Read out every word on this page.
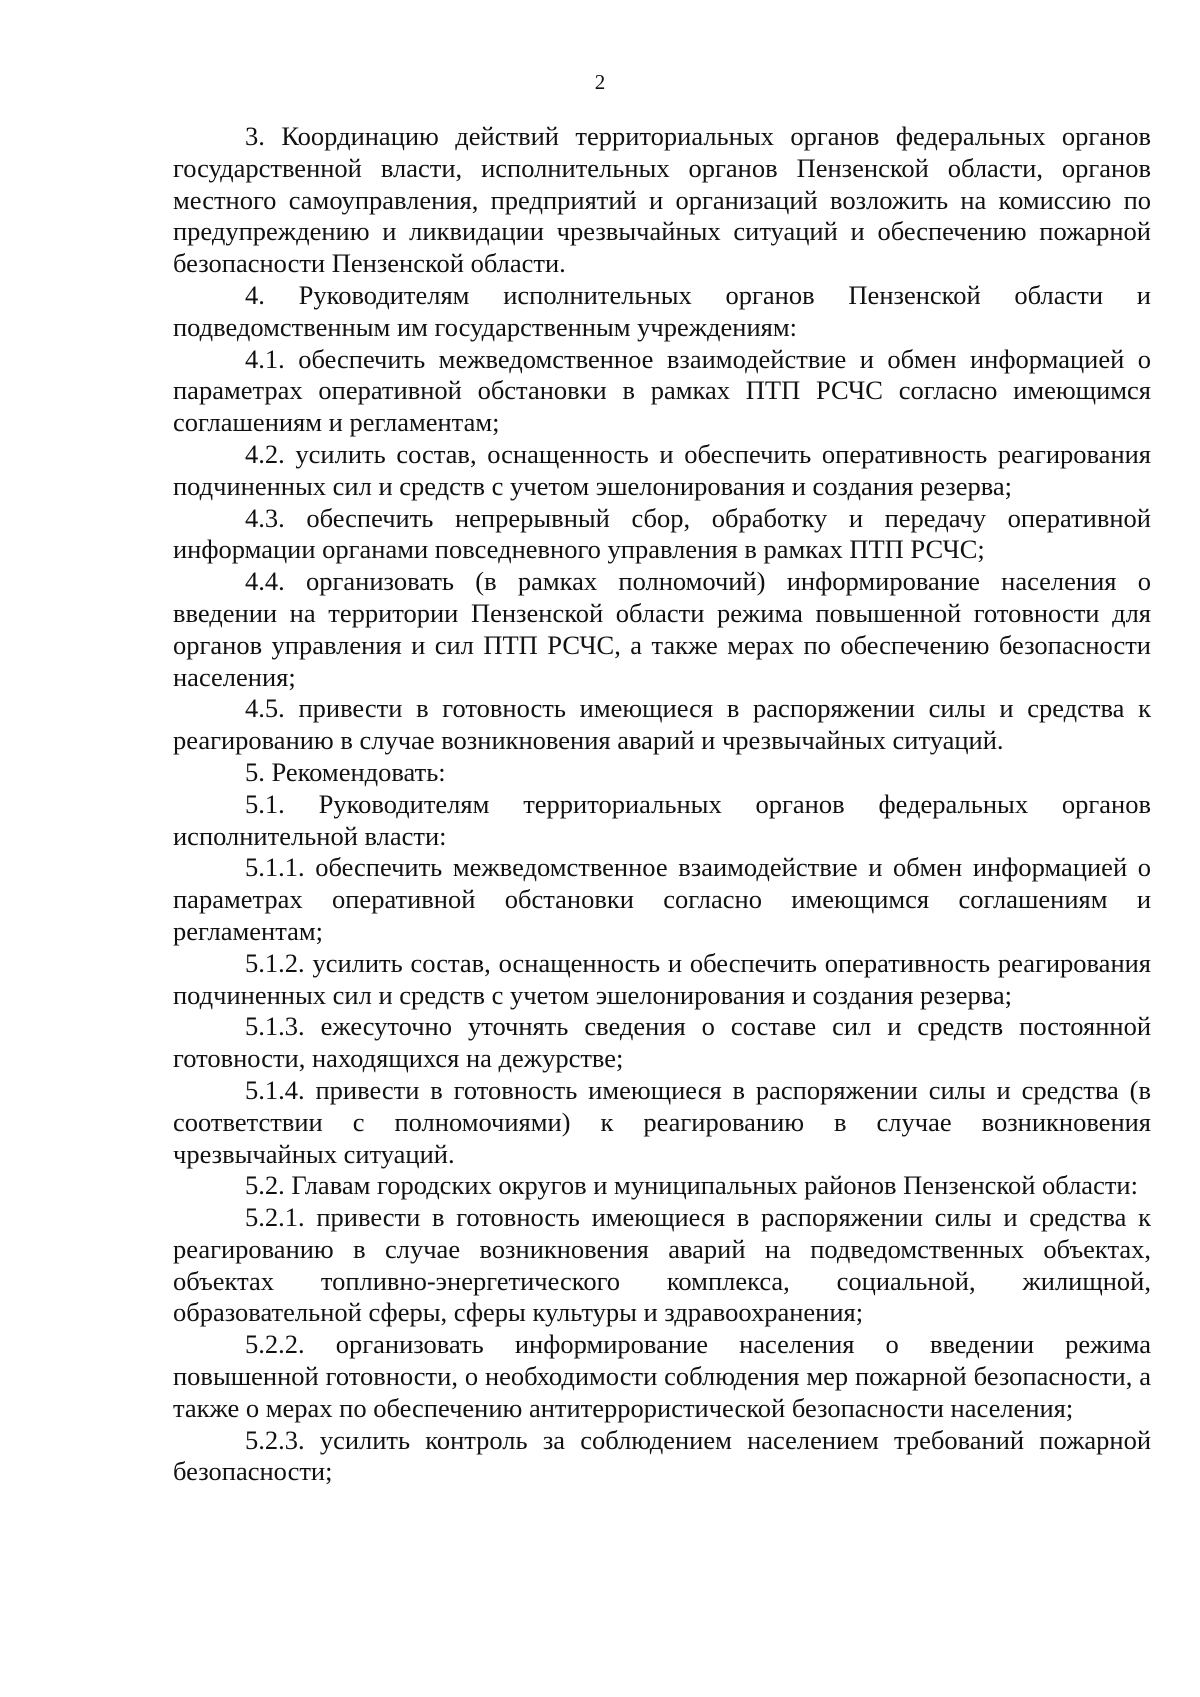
2

3. Координацию действий территориальных органов федеральных органов государственной власти, исполнительных органов Пензенской области, органов местного самоуправления, предприятий и организаций возложить на комиссию по предупреждению и ликвидации чрезвычайных ситуаций и обеспечению пожарной безопасности Пензенской области.

4. Руководителям исполнительных органов Пензенской области и подведомственным им государственным учреждениям:

4.1. обеспечить межведомственное взаимодействие и обмен информацией о параметрах оперативной обстановки в рамках ПТП РСЧС согласно имеющимся соглашениям и регламентам;

4.2. усилить состав, оснащенность и обеспечить оперативность реагирования подчиненных сил и средств с учетом эшелонирования и создания резерва;

4.3. обеспечить непрерывный сбор, обработку и передачу оперативной информации органами повседневного управления в рамках ПТП РСЧС;

4.4. организовать (в рамках полномочий) информирование населения о введении на территории Пензенской области режима повышенной готовности для органов управления и сил ПТП РСЧС, а также мерах по обеспечению безопасности населения;

4.5. привести в готовность имеющиеся в распоряжении силы и средства к реагированию в случае возникновения аварий и чрезвычайных ситуаций.

5. Рекомендовать:

5.1. Руководителям территориальных органов федеральных органов исполнительной власти:

5.1.1. обеспечить межведомственное взаимодействие и обмен информацией о параметрах оперативной обстановки согласно имеющимся соглашениям и регламентам;

5.1.2. усилить состав, оснащенность и обеспечить оперативность реагирования подчиненных сил и средств с учетом эшелонирования и создания резерва;

5.1.3. ежесуточно уточнять сведения о составе сил и средств постоянной готовности, находящихся на дежурстве;

5.1.4. привести в готовность имеющиеся в распоряжении силы и средства (в соответствии с полномочиями) к реагированию в случае возникновения чрезвычайных ситуаций.

5.2. Главам городских округов и муниципальных районов Пензенской области:

5.2.1. привести в готовность имеющиеся в распоряжении силы и средства к реагированию в случае возникновения аварий на подведомственных объектах, объектах топливно-энергетического комплекса, социальной, жилищной, образовательной сферы, сферы культуры и здравоохранения;

5.2.2. организовать информирование населения о введении режима повышенной готовности, о необходимости соблюдения мер пожарной безопасности, а также о мерах по обеспечению антитеррористической безопасности населения;

5.2.3. усилить контроль за соблюдением населением требований пожарной безопасности;
